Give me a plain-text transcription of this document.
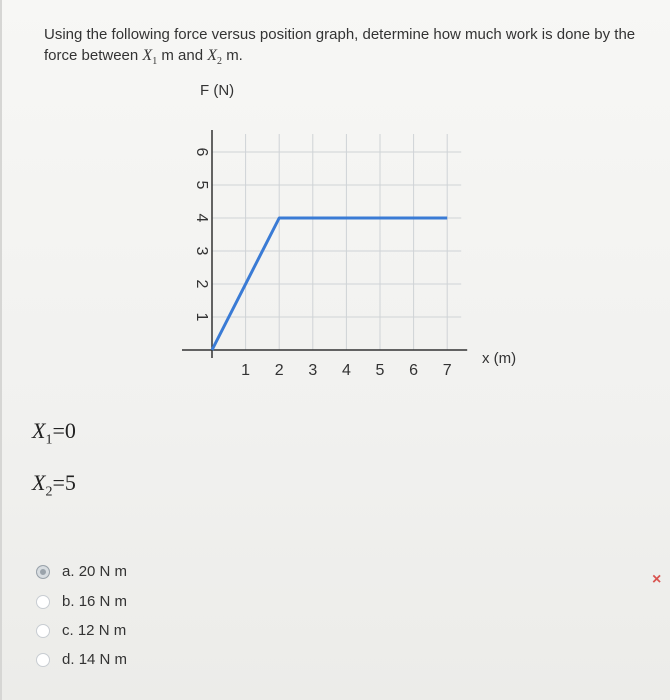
Using the following force versus position graph, determine how much work is done by the force between $X_1$ m and $X_2$ m.
F (N)
x (m)
1 2 3 4 5 6 7
1
2
3
4
5
6
$X_1=0$
$X_2=5$
a.
20 N m
b.
16 N m
c.
12 N m
d.
14 N m
×
